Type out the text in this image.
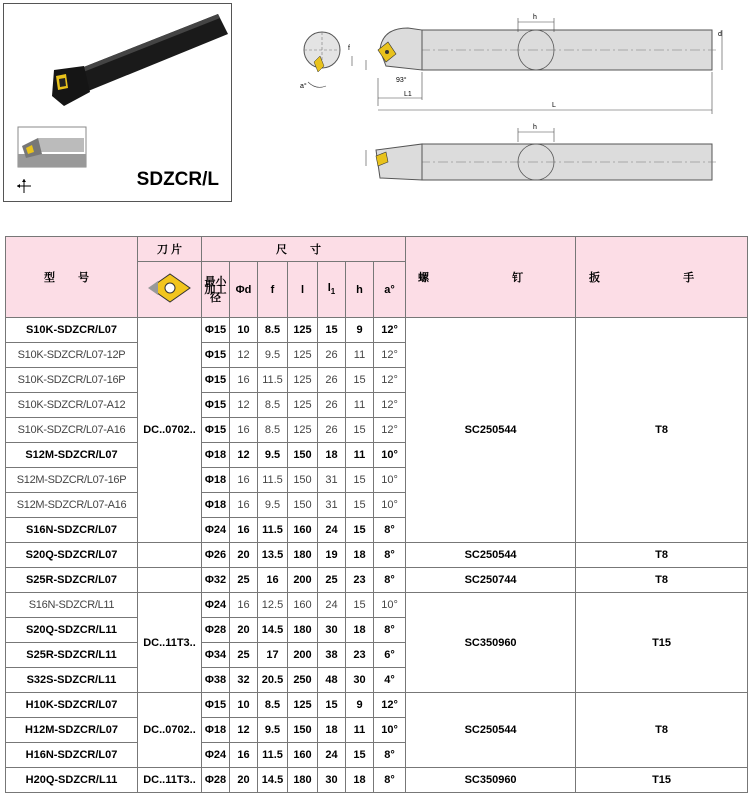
SDZCR/L
a°
f
h
d
L1
93°
L
h
型 号	刀 片	尺 寸							螺 钉	扳 手	
	最小加工径	Φd	f	l	$l_1$	h	a°		
S10K-SDZCR/L07	DC..0702..	Φ15	10	8.5	125	15	9	12°	SC250544	T8	
S10K-SDZCR/L07-12P		Φ15	12	9.5	125	26	11	12°			
S10K-SDZCR/L07-16P		Φ15	16	11.5	125	26	15	12°			
S10K-SDZCR/L07-A12		Φ15	12	8.5	125	26	11	12°			
S10K-SDZCR/L07-A16		Φ15	16	8.5	125	26	15	12°			
S12M-SDZCR/L07		Φ18	12	9.5	150	18	11	10°			
S12M-SDZCR/L07-16P		Φ18	16	11.5	150	31	15	10°			
S12M-SDZCR/L07-A16		Φ18	16	9.5	150	31	15	10°			
S16N-SDZCR/L07		Φ24	16	11.5	160	24	15	8°			
S20Q-SDZCR/L07		Φ26	20	13.5	180	19	18	8°	SC250544	T8	
S25R-SDZCR/L07		Φ32	25	16	200	25	23	8°	SC250744	T8	
S16N-SDZCR/L11	DC..11T3..	Φ24	16	12.5	160	24	15	10°	SC350960	T15	
S20Q-SDZCR/L11		Φ28	20	14.5	180	30	18	8°			
S25R-SDZCR/L11		Φ34	25	17	200	38	23	6°			
S32S-SDZCR/L11		Φ38	32	20.5	250	48	30	4°			
H10K-SDZCR/L07	DC..0702..	Φ15	10	8.5	125	15	9	12°	SC250544	T8	
H12M-SDZCR/L07		Φ18	12	9.5	150	18	11	10°			
H16N-SDZCR/L07		Φ24	16	11.5	160	24	15	8°			
H20Q-SDZCR/L11	DC..11T3..	Φ28	20	14.5	180	30	18	8°	SC350960	T15	
